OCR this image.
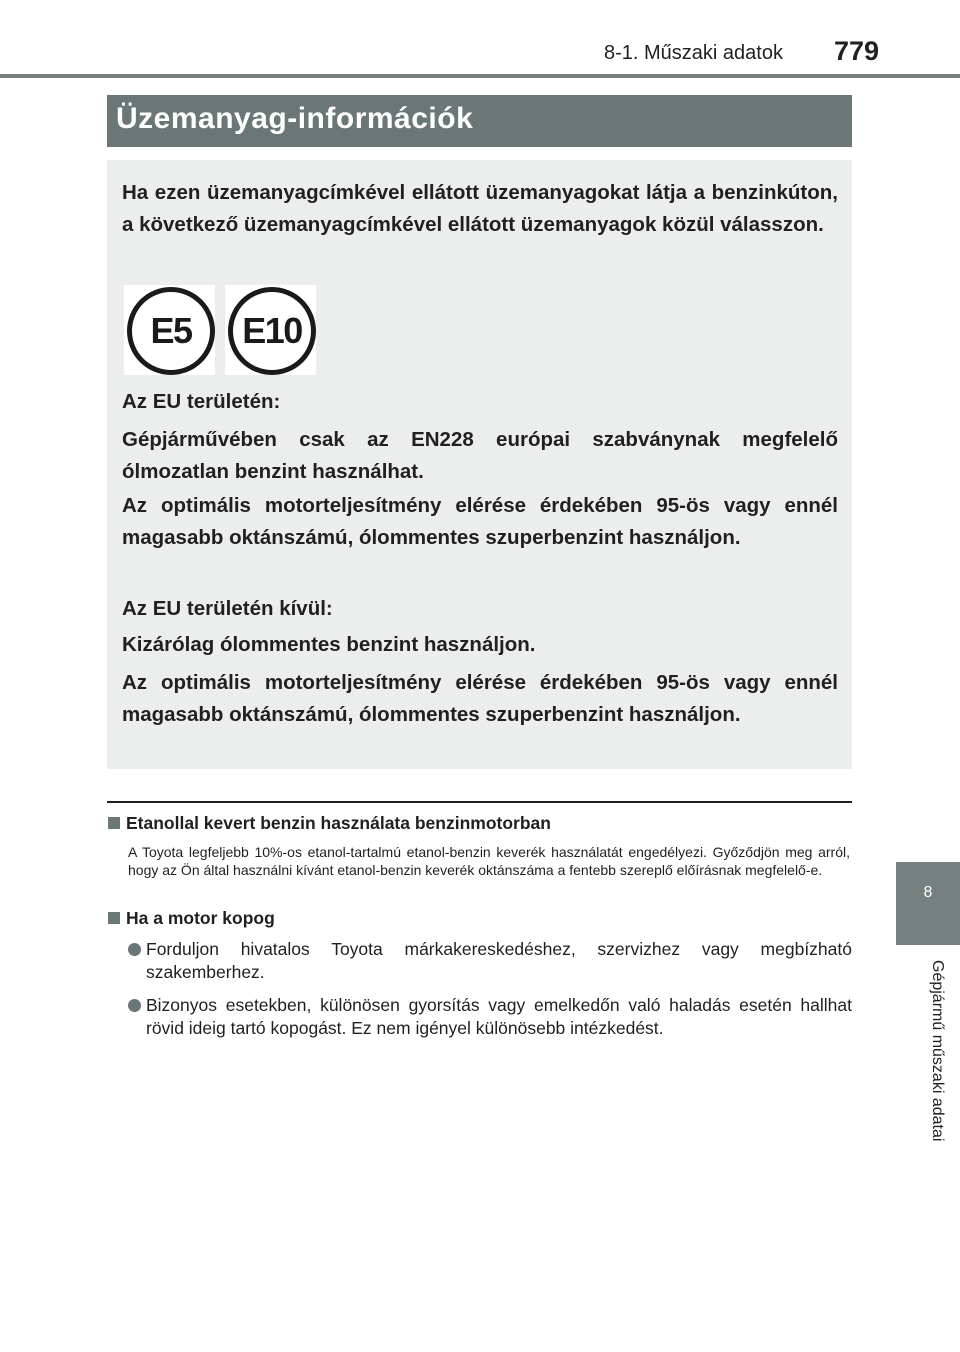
8-1. Műszaki adatok 779
8
Gépjármű műszaki adatai
Üzemanyag-információk
Ha ezen üzemanyagcímkével ellátott üzemanyagokat látja a benzinkúton, a következő üzemanyagcímkével ellátott üzemanyagok közül válasszon.
E5	E10
Az EU területén:
Gépjárművében csak az EN228 európai szabványnak megfelelő ólmozatlan benzint használhat.
Az optimális motorteljesítmény elérése érdekében 95-ös vagy ennél magasabb oktánszámú, ólommentes szuperbenzint használjon.
Az EU területén kívül:
Kizárólag ólommentes benzint használjon.
Az optimális motorteljesítmény elérése érdekében 95-ös vagy ennél magasabb oktánszámú, ólommentes szuperbenzint használjon.
Etanollal kevert benzin használata benzinmotorban
A Toyota legfeljebb 10%-os etanol-tartalmú etanol-benzin keverék használatát engedélyezi. Győződjön meg arról, hogy az Ön által használni kívánt etanol-benzin keverék oktánszáma a fentebb szereplő előírásnak megfelelő-e.
Ha a motor kopog
Forduljon hivatalos Toyota márkakereskedéshez, szervizhez vagy megbízható szakemberhez.
Bizonyos esetekben, különösen gyorsítás vagy emelkedőn való haladás esetén hallhat rövid ideig tartó kopogást. Ez nem igényel különösebb intézkedést.
